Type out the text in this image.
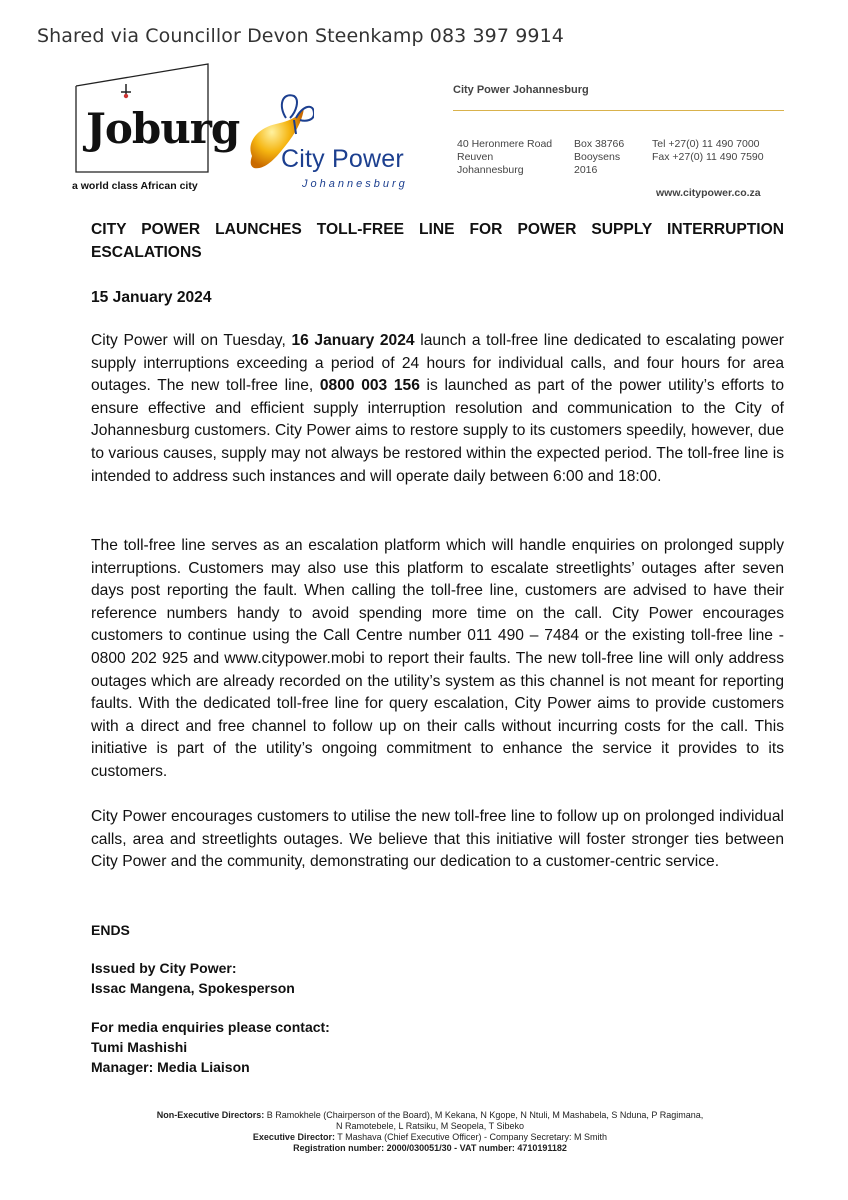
Shared via Councillor Devon Steenkamp 083 397 9914
Joburg
a world class African city
City Power
Johannesburg
City Power Johannesburg
40 Heronmere Road
Reuven
Johannesburg
Box 38766
Booysens
2016
Tel +27(0) 11 490 7000
Fax +27(0) 11 490 7590
www.citypower.co.za
CITY POWER LAUNCHES TOLL-FREE LINE FOR POWER SUPPLY INTERRUPTION ESCALATIONS
15 January 2024
City Power will on Tuesday, 16 January 2024 launch a toll-free line dedicated to escalating power supply interruptions exceeding a period of 24 hours for individual calls, and four hours for area outages. The new toll-free line, 0800 003 156 is launched as part of the power utility’s efforts to ensure effective and efficient supply interruption resolution and communication to the City of Johannesburg customers. City Power aims to restore supply to its customers speedily, however, due to various causes, supply may not always be restored within the expected period. The toll-free line is intended to address such instances and will operate daily between 6:00 and 18:00.
The toll-free line serves as an escalation platform which will handle enquiries on prolonged supply interruptions. Customers may also use this platform to escalate streetlights’ outages after seven days post reporting the fault. When calling the toll-free line, customers are advised to have their reference numbers handy to avoid spending more time on the call. City Power encourages customers to continue using the Call Centre number 011 490 – 7484 or the existing toll-free line - 0800 202 925 and www.citypower.mobi to report their faults. The new toll-free line will only address outages which are already recorded on the utility’s system as this channel is not meant for reporting faults. With the dedicated toll-free line for query escalation, City Power aims to provide customers with a direct and free channel to follow up on their calls without incurring costs for the call. This initiative is part of the utility’s ongoing commitment to enhance the service it provides to its customers.
City Power encourages customers to utilise the new toll-free line to follow up on prolonged individual calls, area and streetlights outages. We believe that this initiative will foster stronger ties between City Power and the community, demonstrating our dedication to a customer-centric service.
ENDS
Issued by City Power:
Issac Mangena, Spokesperson
For media enquiries please contact:
Tumi Mashishi
Manager: Media Liaison
Non-Executive Directors: B Ramokhele (Chairperson of the Board), M Kekana, N Kgope, N Ntuli, M Mashabela, S Nduna, P Ragimana,
N Ramotebele, L Ratsiku, M Seopela, T Sibeko
Executive Director: T Mashava (Chief Executive Officer) - Company Secretary: M Smith
Registration number: 2000/030051/30 - VAT number: 4710191182
